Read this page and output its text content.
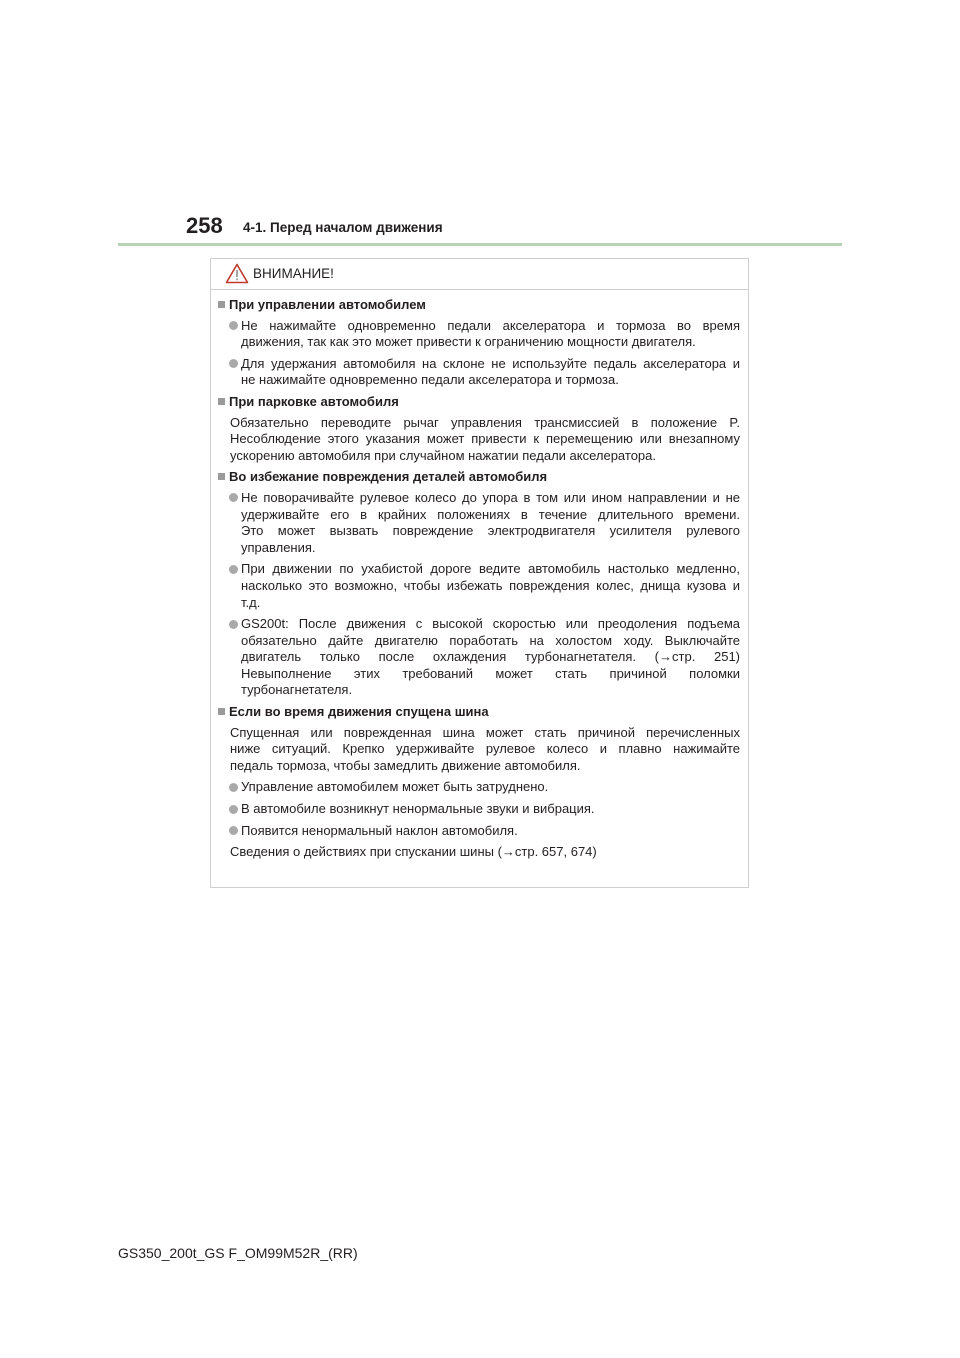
258 4-1. Перед началом движения
ВНИМАНИЕ!
При управлении автомобилем
Не нажимайте одновременно педали акселератора и тормоза во время
движения, так как это может привести к ограничению мощности двигателя.
Для удержания автомобиля на склоне не используйте педаль акселератора и
не нажимайте одновременно педали акселератора и тормоза.
При парковке автомобиля
Обязательно переводите рычаг управления трансмиссией в положение P.
Несоблюдение этого указания может привести к перемещению или внезапному
ускорению автомобиля при случайном нажатии педали акселератора.
Во избежание повреждения деталей автомобиля
Не поворачивайте рулевое колесо до упора в том или ином направлении и не
удерживайте его в крайних положениях в течение длительного времени.
Это может вызвать повреждение электродвигателя усилителя рулевого
управления.
При движении по ухабистой дороге ведите автомобиль настолько медленно,
насколько это возможно, чтобы избежать повреждения колес, днища кузова и
т.д.
GS200t: После движения с высокой скоростью или преодоления подъема
обязательно дайте двигателю поработать на холостом ходу. Выключайте
двигатель только после охлаждения турбонагнетателя. (→стр. 251)
Невыполнение этих требований может стать причиной поломки
турбонагнетателя.
Если во время движения спущена шина
Спущенная или поврежденная шина может стать причиной перечисленных
ниже ситуаций. Крепко удерживайте рулевое колесо и плавно нажимайте
педаль тормоза, чтобы замедлить движение автомобиля.
Управление автомобилем может быть затруднено.
В автомобиле возникнут ненормальные звуки и вибрация.
Появится ненормальный наклон автомобиля.
Сведения о действиях при спускании шины (→стр. 657, 674)
GS350_200t_GS F_OM99M52R_(RR)
